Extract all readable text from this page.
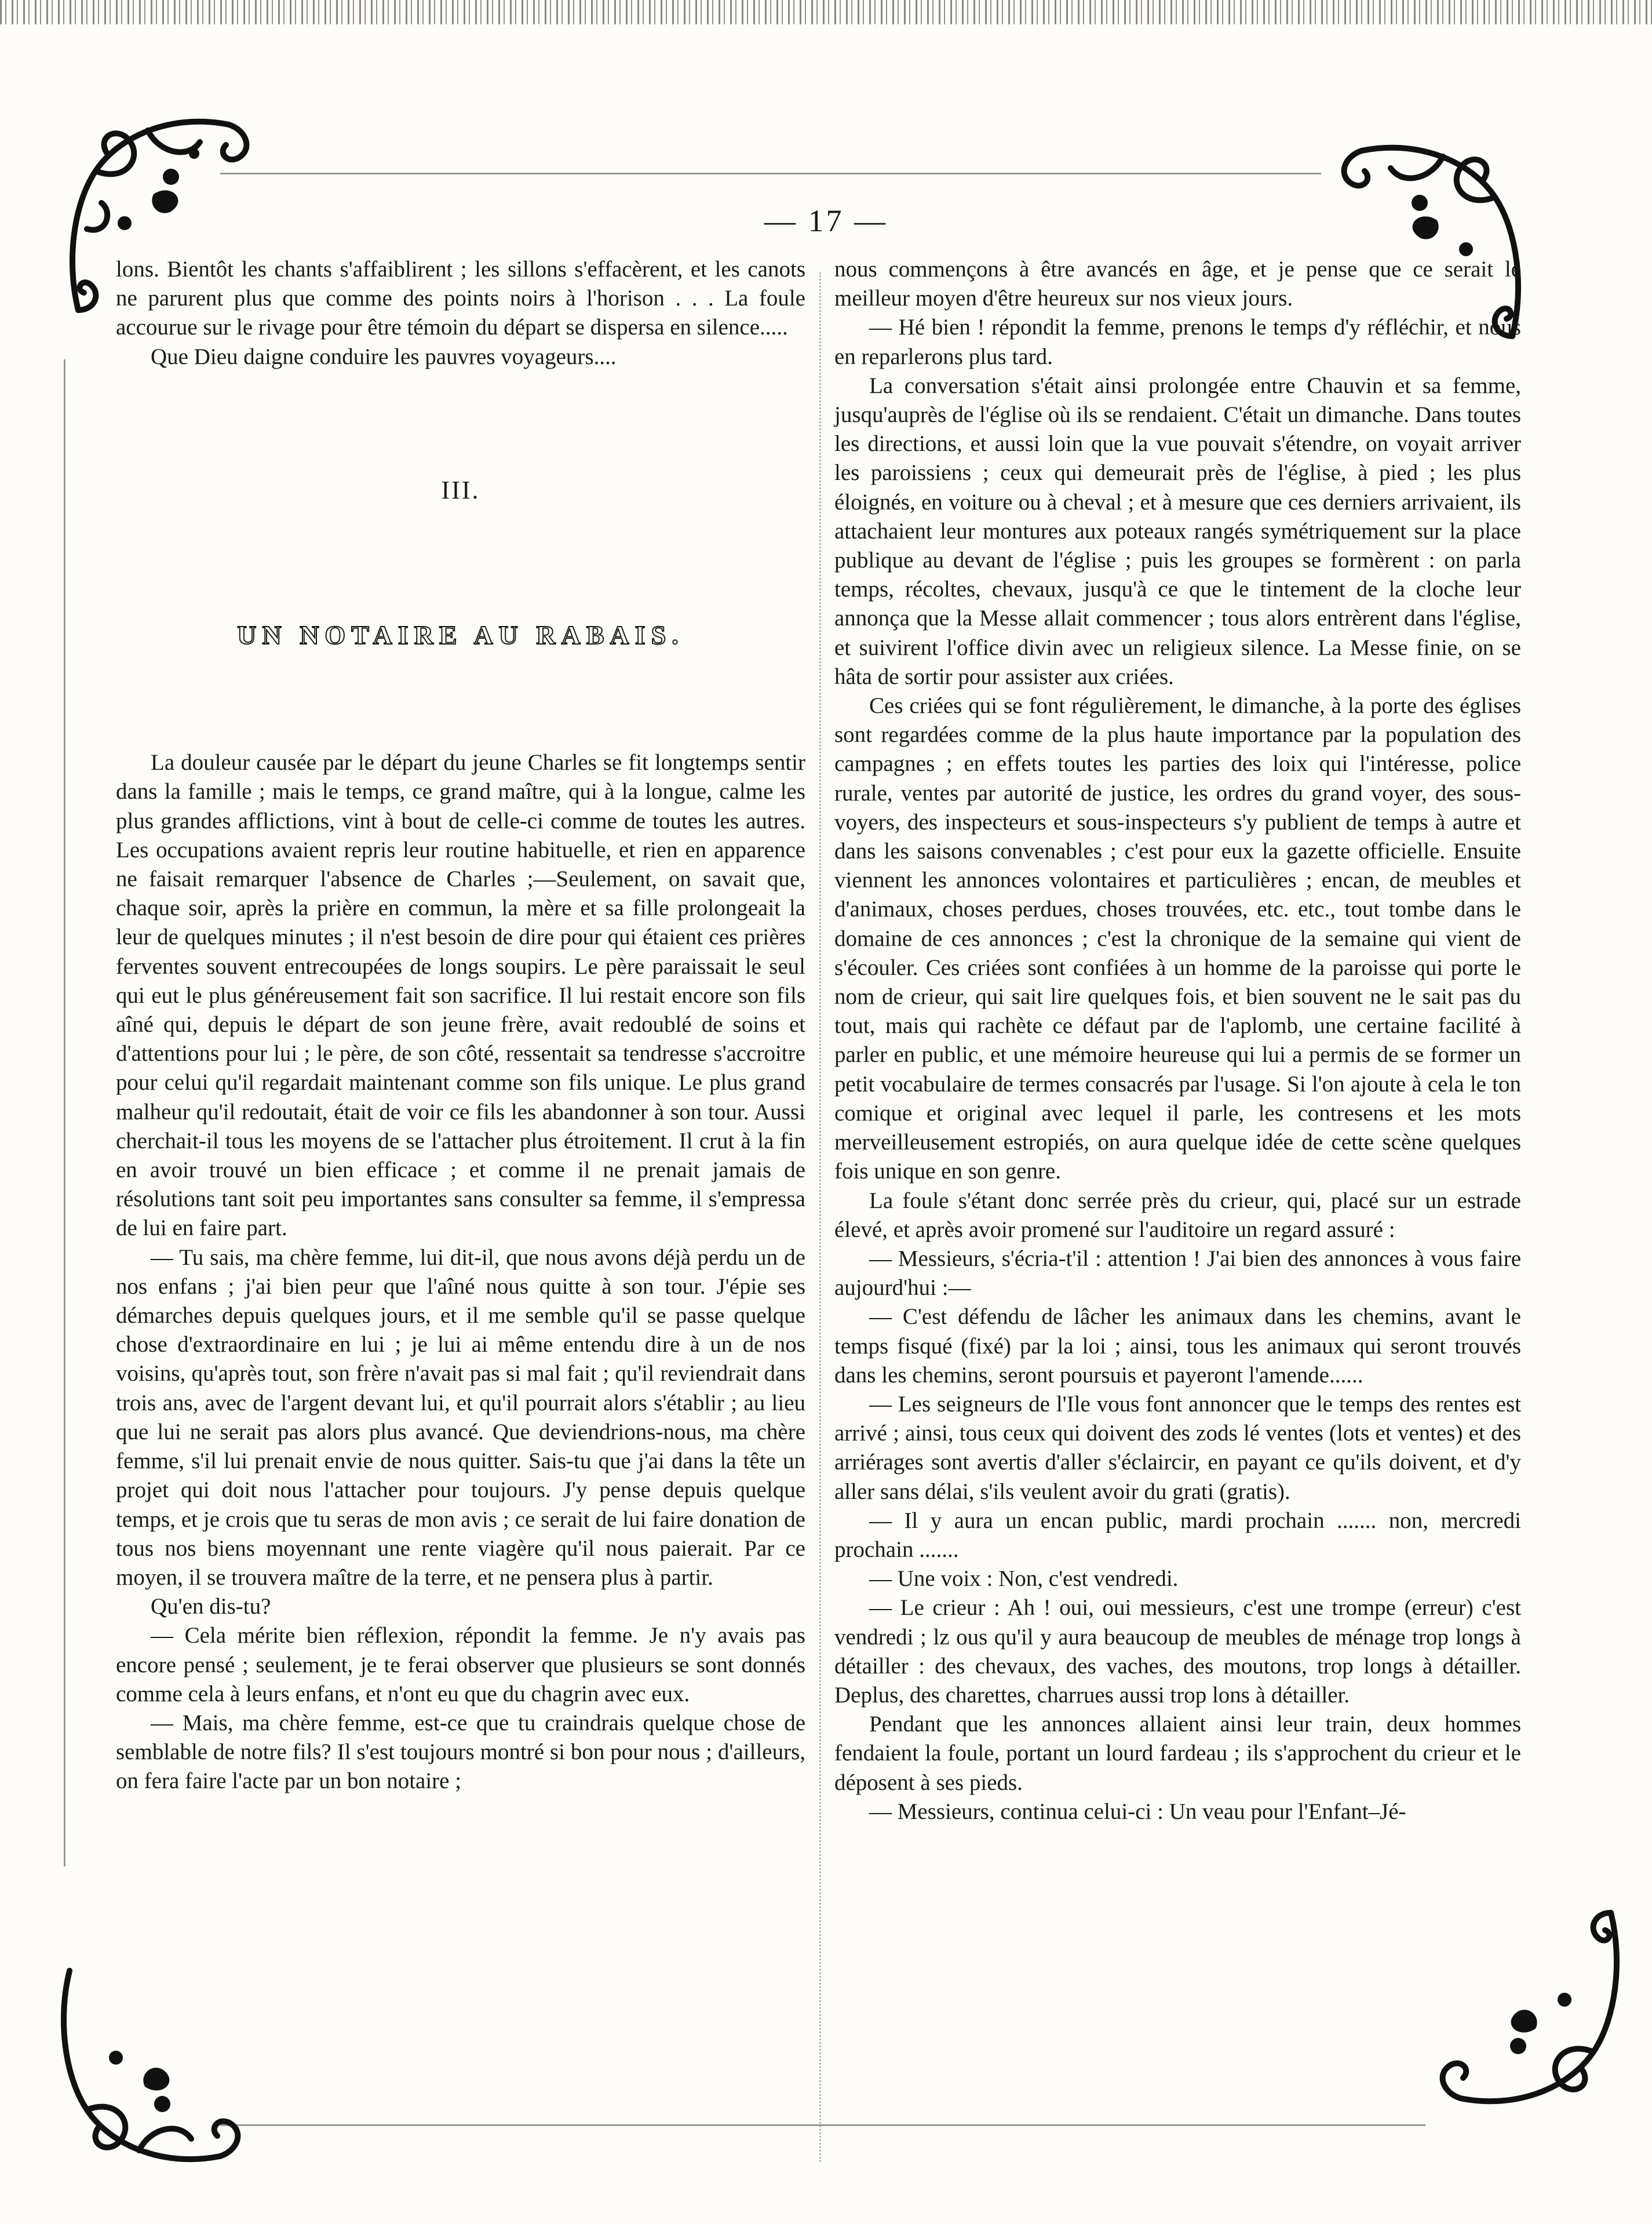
— 17 —

lons. Bientôt les chants s'affaiblirent ; les sillons s'effacèrent, et les canots ne parurent plus que comme des points noirs à l'horison . . . La foule accourue sur le rivage pour être témoin du départ se dispersa en silence.....

Que Dieu daigne conduire les pauvres voyageurs....

III.
UN NOTAIRE AU RABAIS.

La douleur causée par le départ du jeune Charles se fit longtemps sentir dans la famille ; mais le temps, ce grand maître, qui à la longue, calme les plus grandes afflictions, vint à bout de celle-ci comme de toutes les autres. Les occupations avaient repris leur routine habituelle, et rien en apparence ne faisait remarquer l'absence de Charles ;—Seulement, on savait que, chaque soir, après la prière en commun, la mère et sa fille prolongeait la leur de quelques minutes ; il n'est besoin de dire pour qui étaient ces prières ferventes souvent entrecoupées de longs soupirs. Le père paraissait le seul qui eut le plus généreusement fait son sacrifice. Il lui restait encore son fils aîné qui, depuis le départ de son jeune frère, avait redoublé de soins et d'attentions pour lui ; le père, de son côté, ressentait sa tendresse s'accroitre pour celui qu'il regardait maintenant comme son fils unique. Le plus grand malheur qu'il redoutait, était de voir ce fils les abandonner à son tour. Aussi cherchait-il tous les moyens de se l'attacher plus étroitement. Il crut à la fin en avoir trouvé un bien efficace ; et comme il ne prenait jamais de résolutions tant soit peu importantes sans consulter sa femme, il s'empressa de lui en faire part.

— Tu sais, ma chère femme, lui dit-il, que nous avons déjà perdu un de nos enfans ; j'ai bien peur que l'aîné nous quitte à son tour. J'épie ses démarches depuis quelques jours, et il me semble qu'il se passe quelque chose d'extraordinaire en lui ; je lui ai même entendu dire à un de nos voisins, qu'après tout, son frère n'avait pas si mal fait ; qu'il reviendrait dans trois ans, avec de l'argent devant lui, et qu'il pourrait alors s'établir ; au lieu que lui ne serait pas alors plus avancé. Que deviendrions-nous, ma chère femme, s'il lui prenait envie de nous quitter. Sais-tu que j'ai dans la tête un projet qui doit nous l'attacher pour toujours. J'y pense depuis quelque temps, et je crois que tu seras de mon avis ; ce serait de lui faire donation de tous nos biens moyennant une rente viagère qu'il nous paierait. Par ce moyen, il se trouvera maître de la terre, et ne pensera plus à partir.

Qu'en dis-tu?

— Cela mérite bien réflexion, répondit la femme. Je n'y avais pas encore pensé ; seulement, je te ferai observer que plusieurs se sont donnés comme cela à leurs enfans, et n'ont eu que du chagrin avec eux.

— Mais, ma chère femme, est-ce que tu craindrais quelque chose de semblable de notre fils? Il s'est toujours montré si bon pour nous ; d'ailleurs, on fera faire l'acte par un bon notaire ;

nous commençons à être avancés en âge, et je pense que ce serait le meilleur moyen d'être heureux sur nos vieux jours.

— Hé bien ! répondit la femme, prenons le temps d'y réfléchir, et nous en reparlerons plus tard.

La conversation s'était ainsi prolongée entre Chauvin et sa femme, jusqu'auprès de l'église où ils se rendaient. C'était un dimanche. Dans toutes les directions, et aussi loin que la vue pouvait s'étendre, on voyait arriver les paroissiens ; ceux qui demeurait près de l'église, à pied ; les plus éloignés, en voiture ou à cheval ; et à mesure que ces derniers arrivaient, ils attachaient leur montures aux poteaux rangés symétriquement sur la place publique au devant de l'église ; puis les groupes se formèrent : on parla temps, récoltes, chevaux, jusqu'à ce que le tintement de la cloche leur annonça que la Messe allait commencer ; tous alors entrèrent dans l'église, et suivirent l'office divin avec un religieux silence. La Messe finie, on se hâta de sortir pour assister aux criées.

Ces criées qui se font régulièrement, le dimanche, à la porte des églises sont regardées comme de la plus haute importance par la population des campagnes ; en effets toutes les parties des loix qui l'intéresse, police rurale, ventes par autorité de justice, les ordres du grand voyer, des sous-voyers, des inspecteurs et sous-inspecteurs s'y publient de temps à autre et dans les saisons convenables ; c'est pour eux la gazette officielle. Ensuite viennent les annonces volontaires et particulières ; encan, de meubles et d'animaux, choses perdues, choses trouvées, etc. etc., tout tombe dans le domaine de ces annonces ; c'est la chronique de la semaine qui vient de s'écouler. Ces criées sont confiées à un homme de la paroisse qui porte le nom de crieur, qui sait lire quelques fois, et bien souvent ne le sait pas du tout, mais qui rachète ce défaut par de l'aplomb, une certaine facilité à parler en public, et une mémoire heureuse qui lui a permis de se former un petit vocabulaire de termes consacrés par l'usage. Si l'on ajoute à cela le ton comique et original avec lequel il parle, les contresens et les mots merveilleusement estropiés, on aura quelque idée de cette scène quelques fois unique en son genre.

La foule s'étant donc serrée près du crieur, qui, placé sur un estrade élevé, et après avoir promené sur l'auditoire un regard assuré :

— Messieurs, s'écria-t'il : attention ! J'ai bien des annonces à vous faire aujourd'hui :—

— C'est défendu de lâcher les animaux dans les chemins, avant le temps fisqué (fixé) par la loi ; ainsi, tous les animaux qui seront trouvés dans les chemins, seront poursuis et payeront l'amende......

— Les seigneurs de l'Ile vous font annoncer que le temps des rentes est arrivé ; ainsi, tous ceux qui doivent des zods lé ventes (lots et ventes) et des arriérages sont avertis d'aller s'éclaircir, en payant ce qu'ils doivent, et d'y aller sans délai, s'ils veulent avoir du grati (gratis).

— Il y aura un encan public, mardi prochain ....... non, mercredi prochain .......

— Une voix : Non, c'est vendredi.

— Le crieur : Ah ! oui, oui messieurs, c'est une trompe (erreur) c'est vendredi ; lz ous qu'il y aura beaucoup de meubles de ménage trop longs à détailler : des chevaux, des vaches, des moutons, trop longs à détailler. Deplus, des charettes, charrues aussi trop lons à détailler.

Pendant que les annonces allaient ainsi leur train, deux hommes fendaient la foule, portant un lourd fardeau ; ils s'approchent du crieur et le déposent à ses pieds.

— Messieurs, continua celui-ci : Un veau pour l'Enfant–Jé-
